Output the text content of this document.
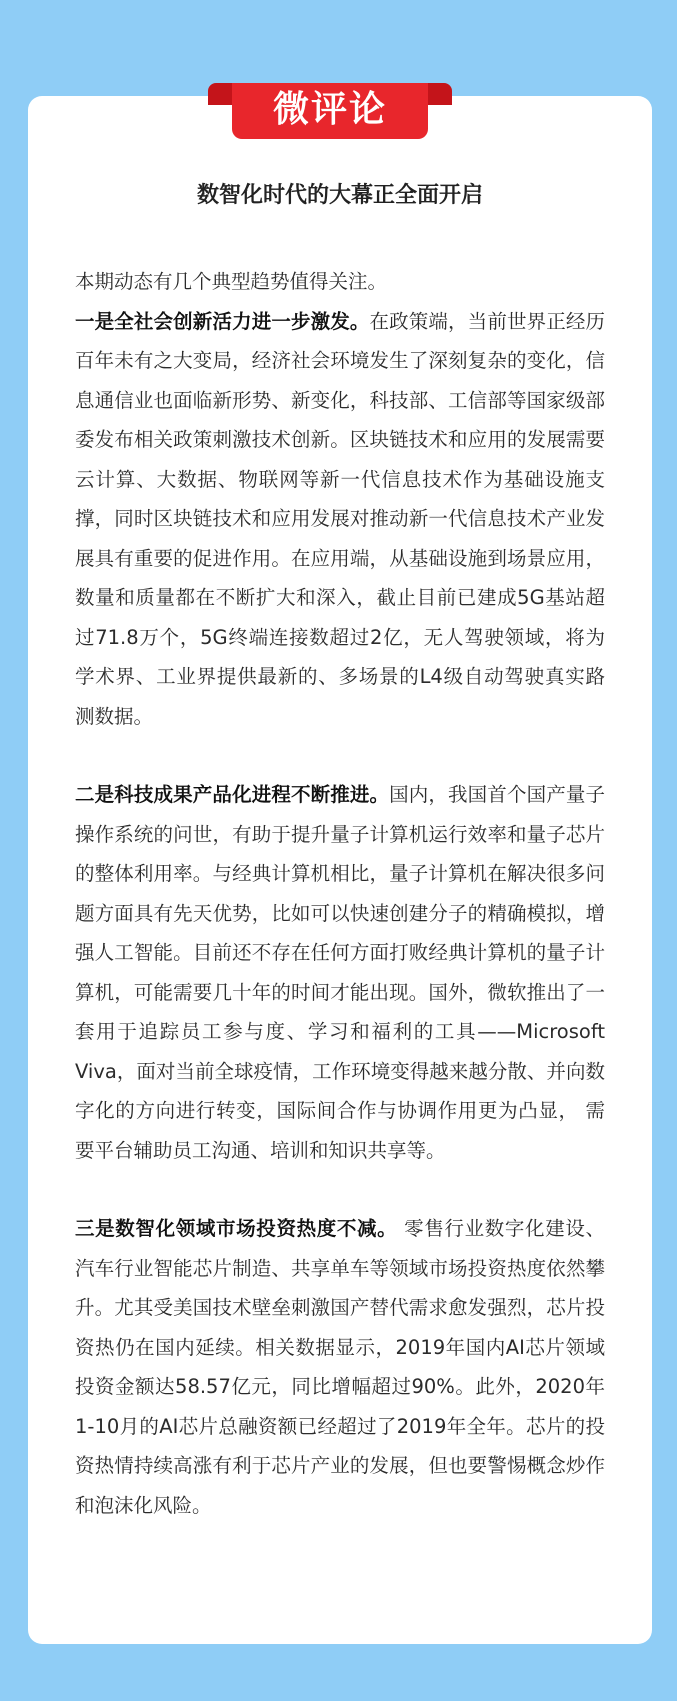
微评论
数智化时代的大幕正全面开启

本期动态有几个典型趋势值得关注。

一是全社会创新活力进一步激发。在政策端，当前世界正经历百年未有之大变局，经济社会环境发生了深刻复杂的变化，信息通信业也面临新形势、新变化，科技部、工信部等国家级部委发布相关政策刺激技术创新。区块链技术和应用的发展需要云计算、大数据、物联网等新一代信息技术作为基础设施支撑，同时区块链技术和应用发展对推动新一代信息技术产业发展具有重要的促进作用。在应用端，从基础设施到场景应用，数量和质量都在不断扩大和深入，截止目前已建成5G基站超过71.8万个，5G终端连接数超过2亿，无人驾驶领域，将为学术界、工业界提供最新的、多场景的L4级自动驾驶真实路测数据。

二是科技成果产品化进程不断推进。国内，我国首个国产量子操作系统的问世，有助于提升量子计算机运行效率和量子芯片的整体利用率。与经典计算机相比，量子计算机在解决很多问题方面具有先天优势，比如可以快速创建分子的精确模拟，增强人工智能。目前还不存在任何方面打败经典计算机的量子计算机，可能需要几十年的时间才能出现。国外，微软推出了一套用于追踪员工参与度、学习和福利的工具——Microsoft Viva，面对当前全球疫情，工作环境变得越来越分散、并向数字化的方向进行转变，国际间合作与协调作用更为凸显， 需要平台辅助员工沟通、培训和知识共享等。

三是数智化领域市场投资热度不减。 零售行业数字化建设、汽车行业智能芯片制造、共享单车等领域市场投资热度依然攀升。尤其受美国技术壁垒刺激国产替代需求愈发强烈，芯片投资热仍在国内延续。相关数据显示，2019年国内AI芯片领域投资金额达58.57亿元，同比增幅超过90%。此外，2020年1-10月的AI芯片总融资额已经超过了2019年全年。芯片的投资热情持续高涨有利于芯片产业的发展，但也要警惕概念炒作和泡沫化风险。
